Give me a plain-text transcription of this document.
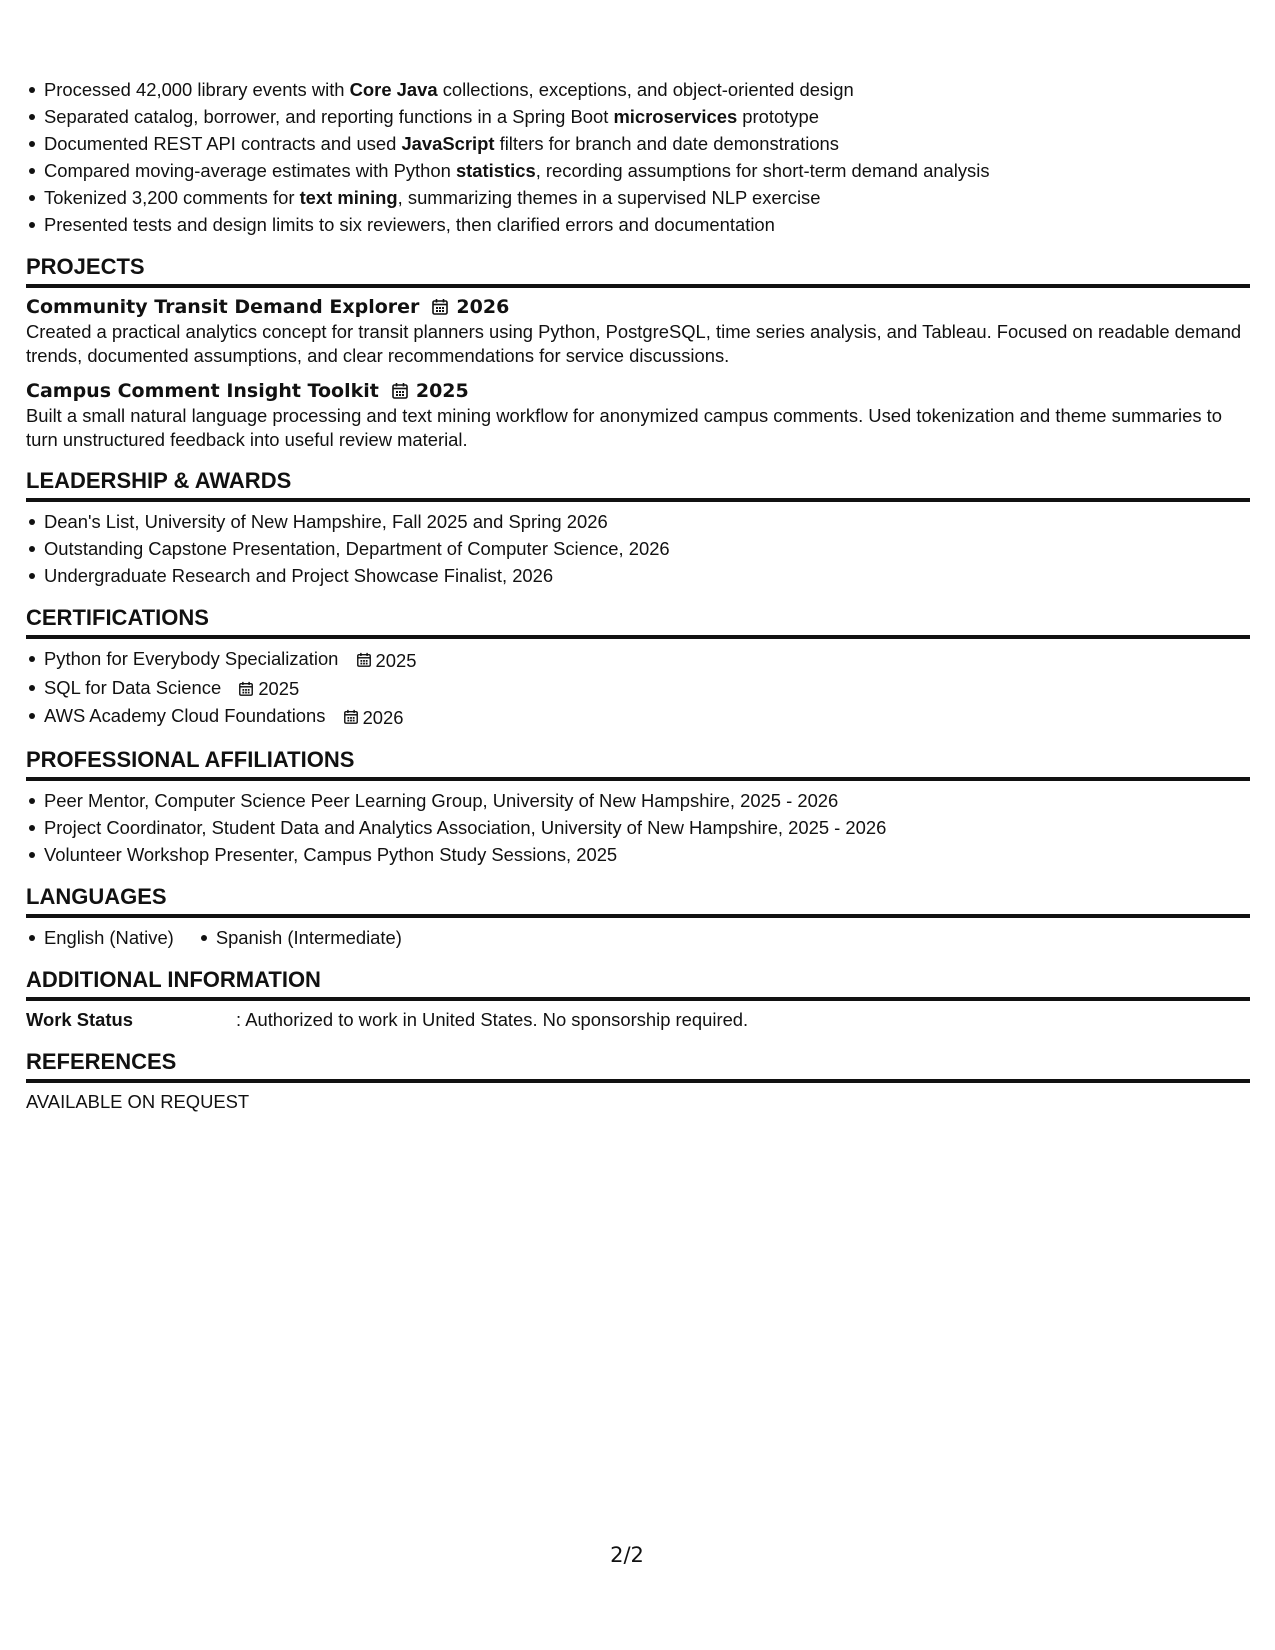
Processed 42,000 library events with Core Java collections, exceptions, and object-oriented design
Separated catalog, borrower, and reporting functions in a Spring Boot microservices prototype
Documented REST API contracts and used JavaScript filters for branch and date demonstrations
Compared moving-average estimates with Python statistics, recording assumptions for short-term demand analysis
Tokenized 3,200 comments for text mining, summarizing themes in a supervised NLP exercise
Presented tests and design limits to six reviewers, then clarified errors and documentation
PROJECTS
Community Transit Demand Explorer 2026
Created a practical analytics concept for transit planners using Python, PostgreSQL, time series analysis, and Tableau. Focused on readable demand trends, documented assumptions, and clear recommendations for service discussions.
Campus Comment Insight Toolkit 2025
Built a small natural language processing and text mining workflow for anonymized campus comments. Used tokenization and theme summaries to turn unstructured feedback into useful review material.
LEADERSHIP & AWARDS
Dean's List, University of New Hampshire, Fall 2025 and Spring 2026
Outstanding Capstone Presentation, Department of Computer Science, 2026
Undergraduate Research and Project Showcase Finalist, 2026
CERTIFICATIONS
Python for Everybody Specialization 2025
SQL for Data Science 2025
AWS Academy Cloud Foundations 2026
PROFESSIONAL AFFILIATIONS
Peer Mentor, Computer Science Peer Learning Group, University of New Hampshire, 2025 - 2026
Project Coordinator, Student Data and Analytics Association, University of New Hampshire, 2025 - 2026
Volunteer Workshop Presenter, Campus Python Study Sessions, 2025
LANGUAGES
English (Native) Spanish (Intermediate)
ADDITIONAL INFORMATION
Work Status	: Authorized to work in United States. No sponsorship required.
REFERENCES
AVAILABLE ON REQUEST
2/2
